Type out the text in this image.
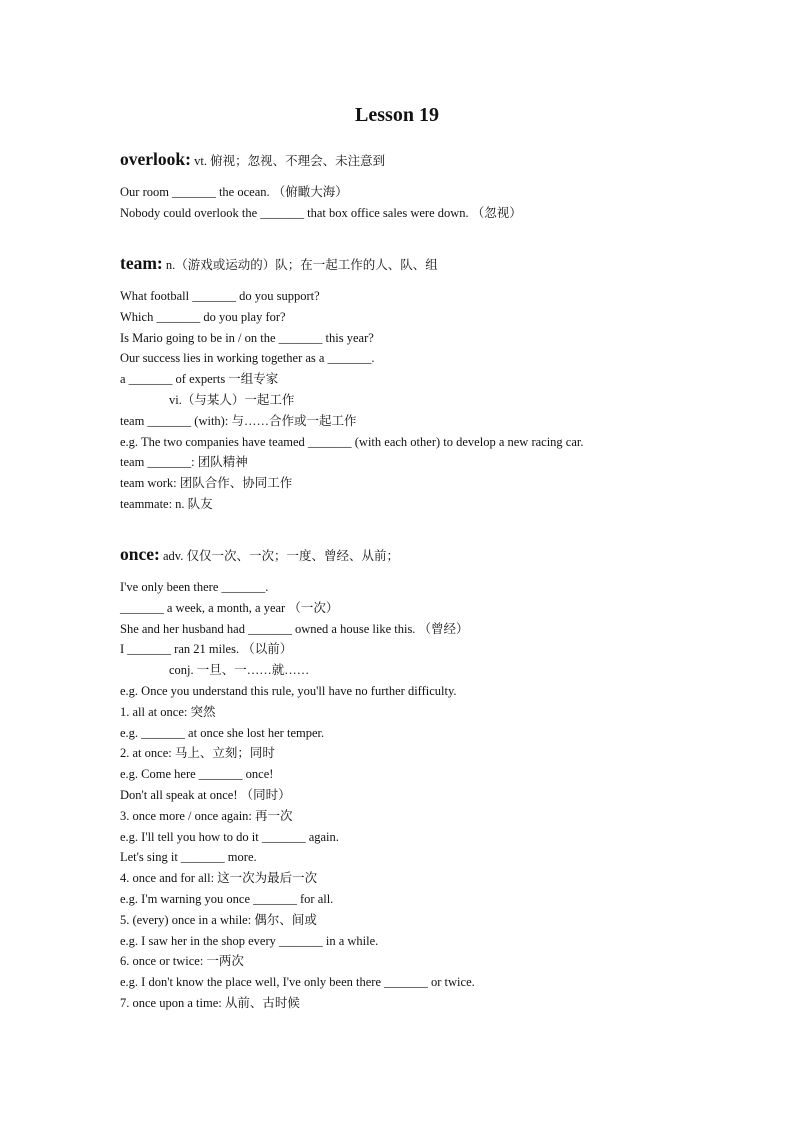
Lesson 19
overlook: vt. 俯视；忽视、不理会、未注意到
Our room _______ the ocean. （俯瞰大海）
Nobody could overlook the _______ that box office sales were down. （忽视）
team: n.（游戏或运动的）队；在一起工作的人、队、组
What football _______ do you support?
Which _______ do you play for?
Is Mario going to be in / on the _______ this year?
Our success lies in working together as a _______.
a _______ of experts 一组专家
vi.（与某人）一起工作
team _______ (with): 与……合作或一起工作
e.g. The two companies have teamed _______ (with each other) to develop a new racing car.
team _______: 团队精神
team work: 团队合作、协同工作
teammate: n. 队友
once: adv. 仅仅一次、一次；一度、曾经、从前；
I've only been there _______.
_______ a week, a month, a year （一次）
She and her husband had _______ owned a house like this. （曾经）
I _______ ran 21 miles. （以前）
conj. 一旦、一……就……
e.g. Once you understand this rule, you'll have no further difficulty.
1. all at once: 突然
e.g. _______ at once she lost her temper.
2. at once: 马上、立刻；同时
e.g. Come here _______ once!
Don't all speak at once! （同时）
3. once more / once again: 再一次
e.g. I'll tell you how to do it _______ again.
Let's sing it _______ more.
4. once and for all: 这一次为最后一次
e.g. I'm warning you once _______ for all.
5. (every) once in a while: 偶尔、间或
e.g. I saw her in the shop every _______ in a while.
6. once or twice: 一两次
e.g. I don't know the place well, I've only been there _______ or twice.
7. once upon a time: 从前、古时候
